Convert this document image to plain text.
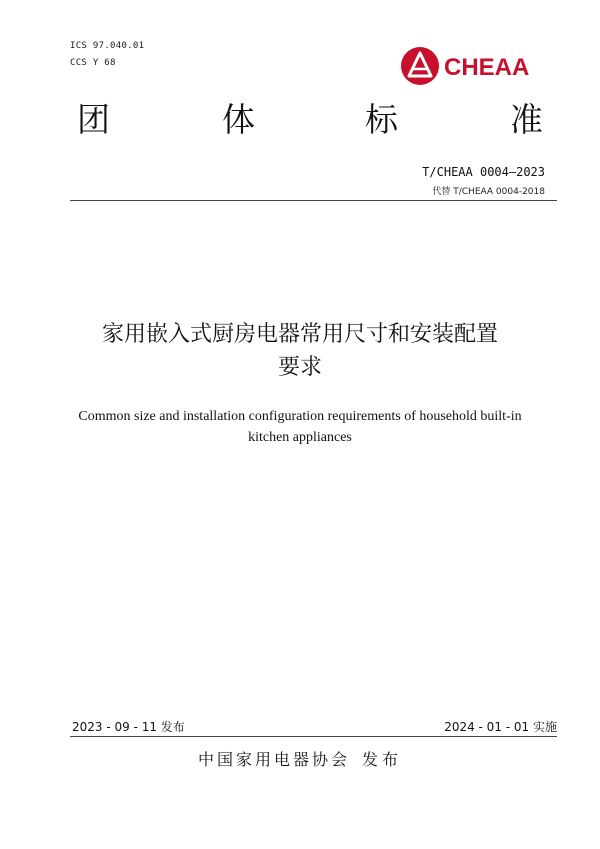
ICS 97.040.01
CCS Y 68	CHEAA
团	体	标	准
T/CHEAA 0004—2023
代替 T/CHEAA 0004-2018
家用嵌入式厨房电器常用尺寸和安装配置
要求
Common size and installation configuration requirements of household built-in
kitchen appliances
2023 - 09 - 11 发布	2024 - 01 - 01 实施
中国家用电器协会 发布
